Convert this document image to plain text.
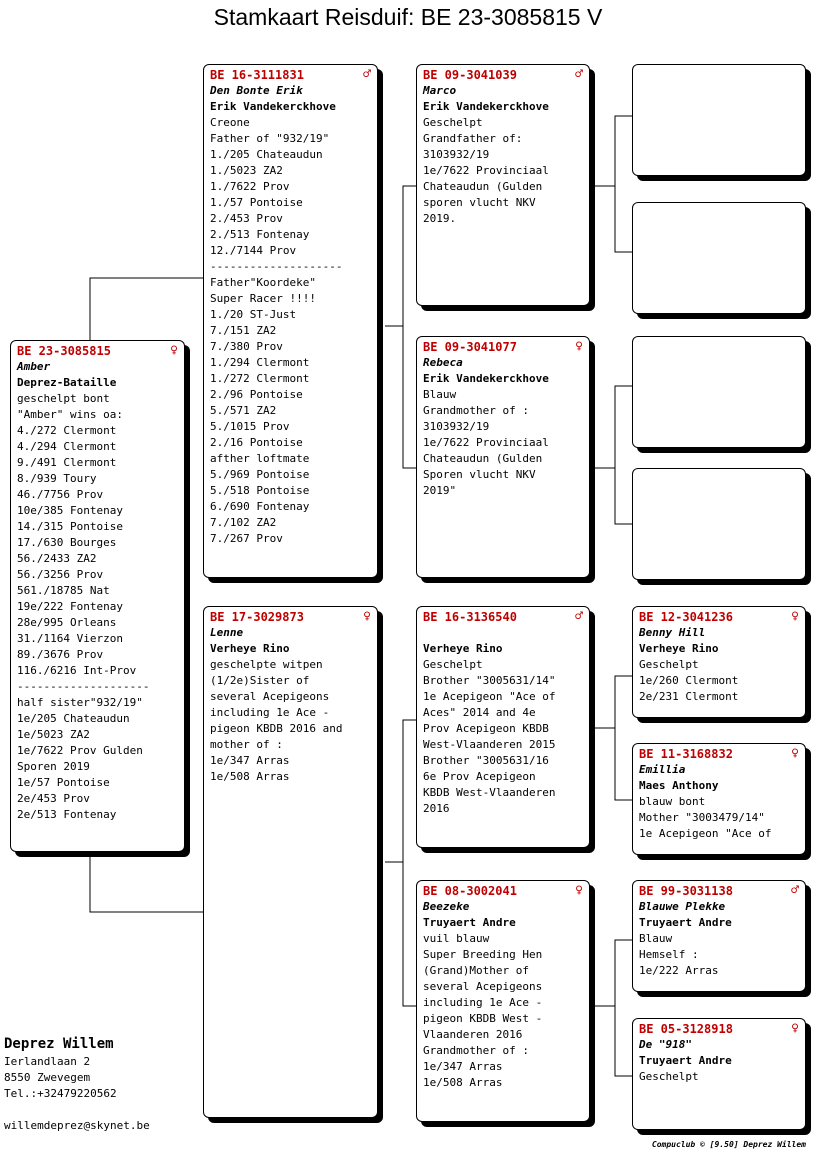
Stamkaart Reisduif: BE 23-3085815 V
BE 23-3085815	♀
Amber
Deprez-Bataille
geschelpt bont
"Amber" wins oa:
4./272 Clermont
4./294 Clermont
9./491 Clermont
8./939 Toury
46./7756 Prov
10e/385 Fontenay
14./315 Pontoise
17./630 Bourges
56./2433 ZA2
56./3256 Prov
561./18785 Nat
19e/222 Fontenay
28e/995 Orleans
31./1164 Vierzon
89./3676 Prov
116./6216 Int-Prov
--------------------
half sister"932/19"
1e/205 Chateaudun
1e/5023 ZA2
1e/7622 Prov Gulden
Sporen 2019
1e/57 Pontoise
2e/453 Prov
2e/513 Fontenay
BE 16-3111831	♂
Den Bonte Erik
Erik Vandekerckhove
Creone
Father of "932/19"
1./205 Chateaudun
1./5023 ZA2
1./7622 Prov
1./57 Pontoise
2./453 Prov
2./513 Fontenay
12./7144 Prov
--------------------
Father"Koordeke"
Super Racer !!!!
1./20 ST-Just
7./151 ZA2
7./380 Prov
1./294 Clermont
1./272 Clermont
2./96 Pontoise
5./571 ZA2
5./1015 Prov
2./16 Pontoise
afther loftmate
5./969 Pontoise
5./518 Pontoise
6./690 Fontenay
7./102 ZA2
7./267 Prov
BE 17-3029873	♀
Lenne
Verheye Rino
geschelpte witpen
(1/2e)Sister of
several Acepigeons
including 1e Ace -
pigeon KBDB 2016 and
mother of :
1e/347 Arras
1e/508 Arras
BE 09-3041039	♂
Marco
Erik Vandekerckhove
Geschelpt
Grandfather of:
3103932/19
1e/7622 Provinciaal
Chateaudun (Gulden
sporen vlucht NKV
2019.
BE 09-3041077	♀
Rebeca
Erik Vandekerckhove
Blauw
Grandmother of :
3103932/19
1e/7622 Provinciaal
Chateaudun (Gulden
Sporen vlucht NKV
2019"
BE 16-3136540	♂
Verheye Rino
Geschelpt
Brother "3005631/14"
1e Acepigeon "Ace of
Aces" 2014 and 4e
Prov Acepigeon KBDB
West-Vlaanderen 2015
Brother "3005631/16
6e Prov Acepigeon
KBDB West-Vlaanderen
2016
BE 08-3002041	♀
Beezeke
Truyaert Andre
vuil blauw
Super Breeding Hen
(Grand)Mother of
several Acepigeons
including 1e Ace -
pigeon KBDB West -
Vlaanderen 2016
Grandmother of :
1e/347 Arras
1e/508 Arras
BE 12-3041236	♀
Benny Hill
Verheye Rino
Geschelpt
1e/260 Clermont
2e/231 Clermont
BE 11-3168832	♀
Emillia
Maes Anthony
blauw bont
Mother "3003479/14"
1e Acepigeon "Ace of
BE 99-3031138	♂
Blauwe Plekke
Truyaert Andre
Blauw
Hemself :
1e/222 Arras
BE 05-3128918	♀
De "918"
Truyaert Andre
Geschelpt
Deprez Willem
Ierlandlaan 2
8550 Zwevegem
Tel.:+32479220562
willemdeprez@skynet.be
Compuclub © [9.50] Deprez Willem
